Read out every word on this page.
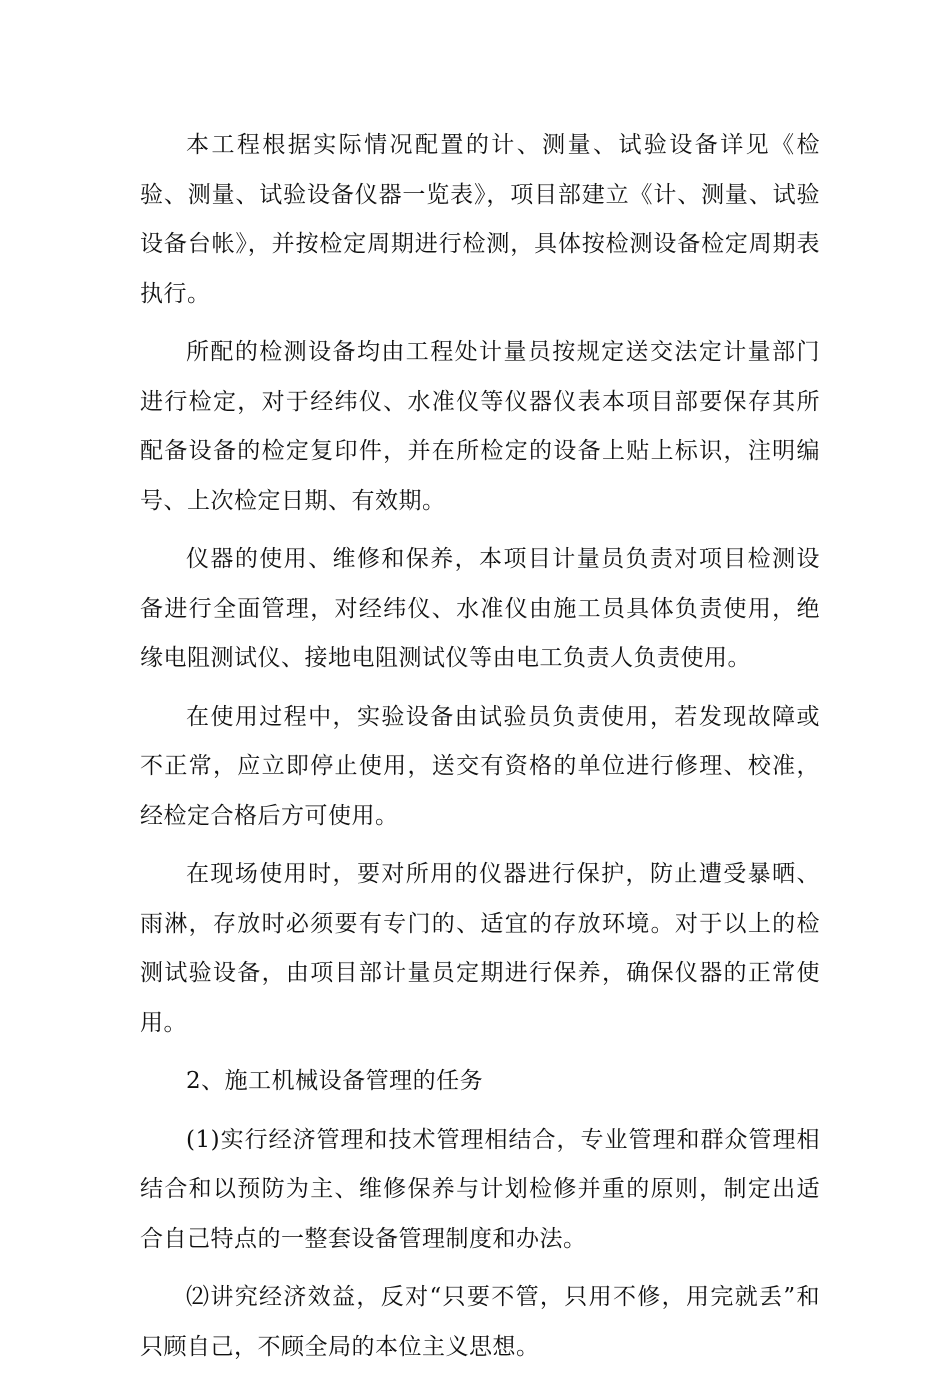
本工程根据实际情况配置的计、测量、试验设备详见《检验、测量、试验设备仪器一览表》，项目部建立《计、测量、试验设备台帐》，并按检定周期进行检测，具体按检测设备检定周期表执行。

所配的检测设备均由工程处计量员按规定送交法定计量部门进行检定，对于经纬仪、水准仪等仪器仪表本项目部要保存其所配备设备的检定复印件，并在所检定的设备上贴上标识，注明编号、上次检定日期、有效期。

仪器的使用、维修和保养，本项目计量员负责对项目检测设备进行全面管理，对经纬仪、水准仪由施工员具体负责使用，绝缘电阻测试仪、接地电阻测试仪等由电工负责人负责使用。

在使用过程中，实验设备由试验员负责使用，若发现故障或不正常，应立即停止使用，送交有资格的单位进行修理、校准，经检定合格后方可使用。

在现场使用时，要对所用的仪器进行保护，防止遭受暴晒、雨淋，存放时必须要有专门的、适宜的存放环境。对于以上的检测试验设备，由项目部计量员定期进行保养，确保仪器的正常使用。

2、施工机械设备管理的任务

(1)实行经济管理和技术管理相结合，专业管理和群众管理相结合和以预防为主、维修保养与计划检修并重的原则，制定出适合自己特点的一整套设备管理制度和办法。

⑵讲究经济效益，反对“只要不管，只用不修，用完就丢”和只顾自己，不顾全局的本位主义思想。
